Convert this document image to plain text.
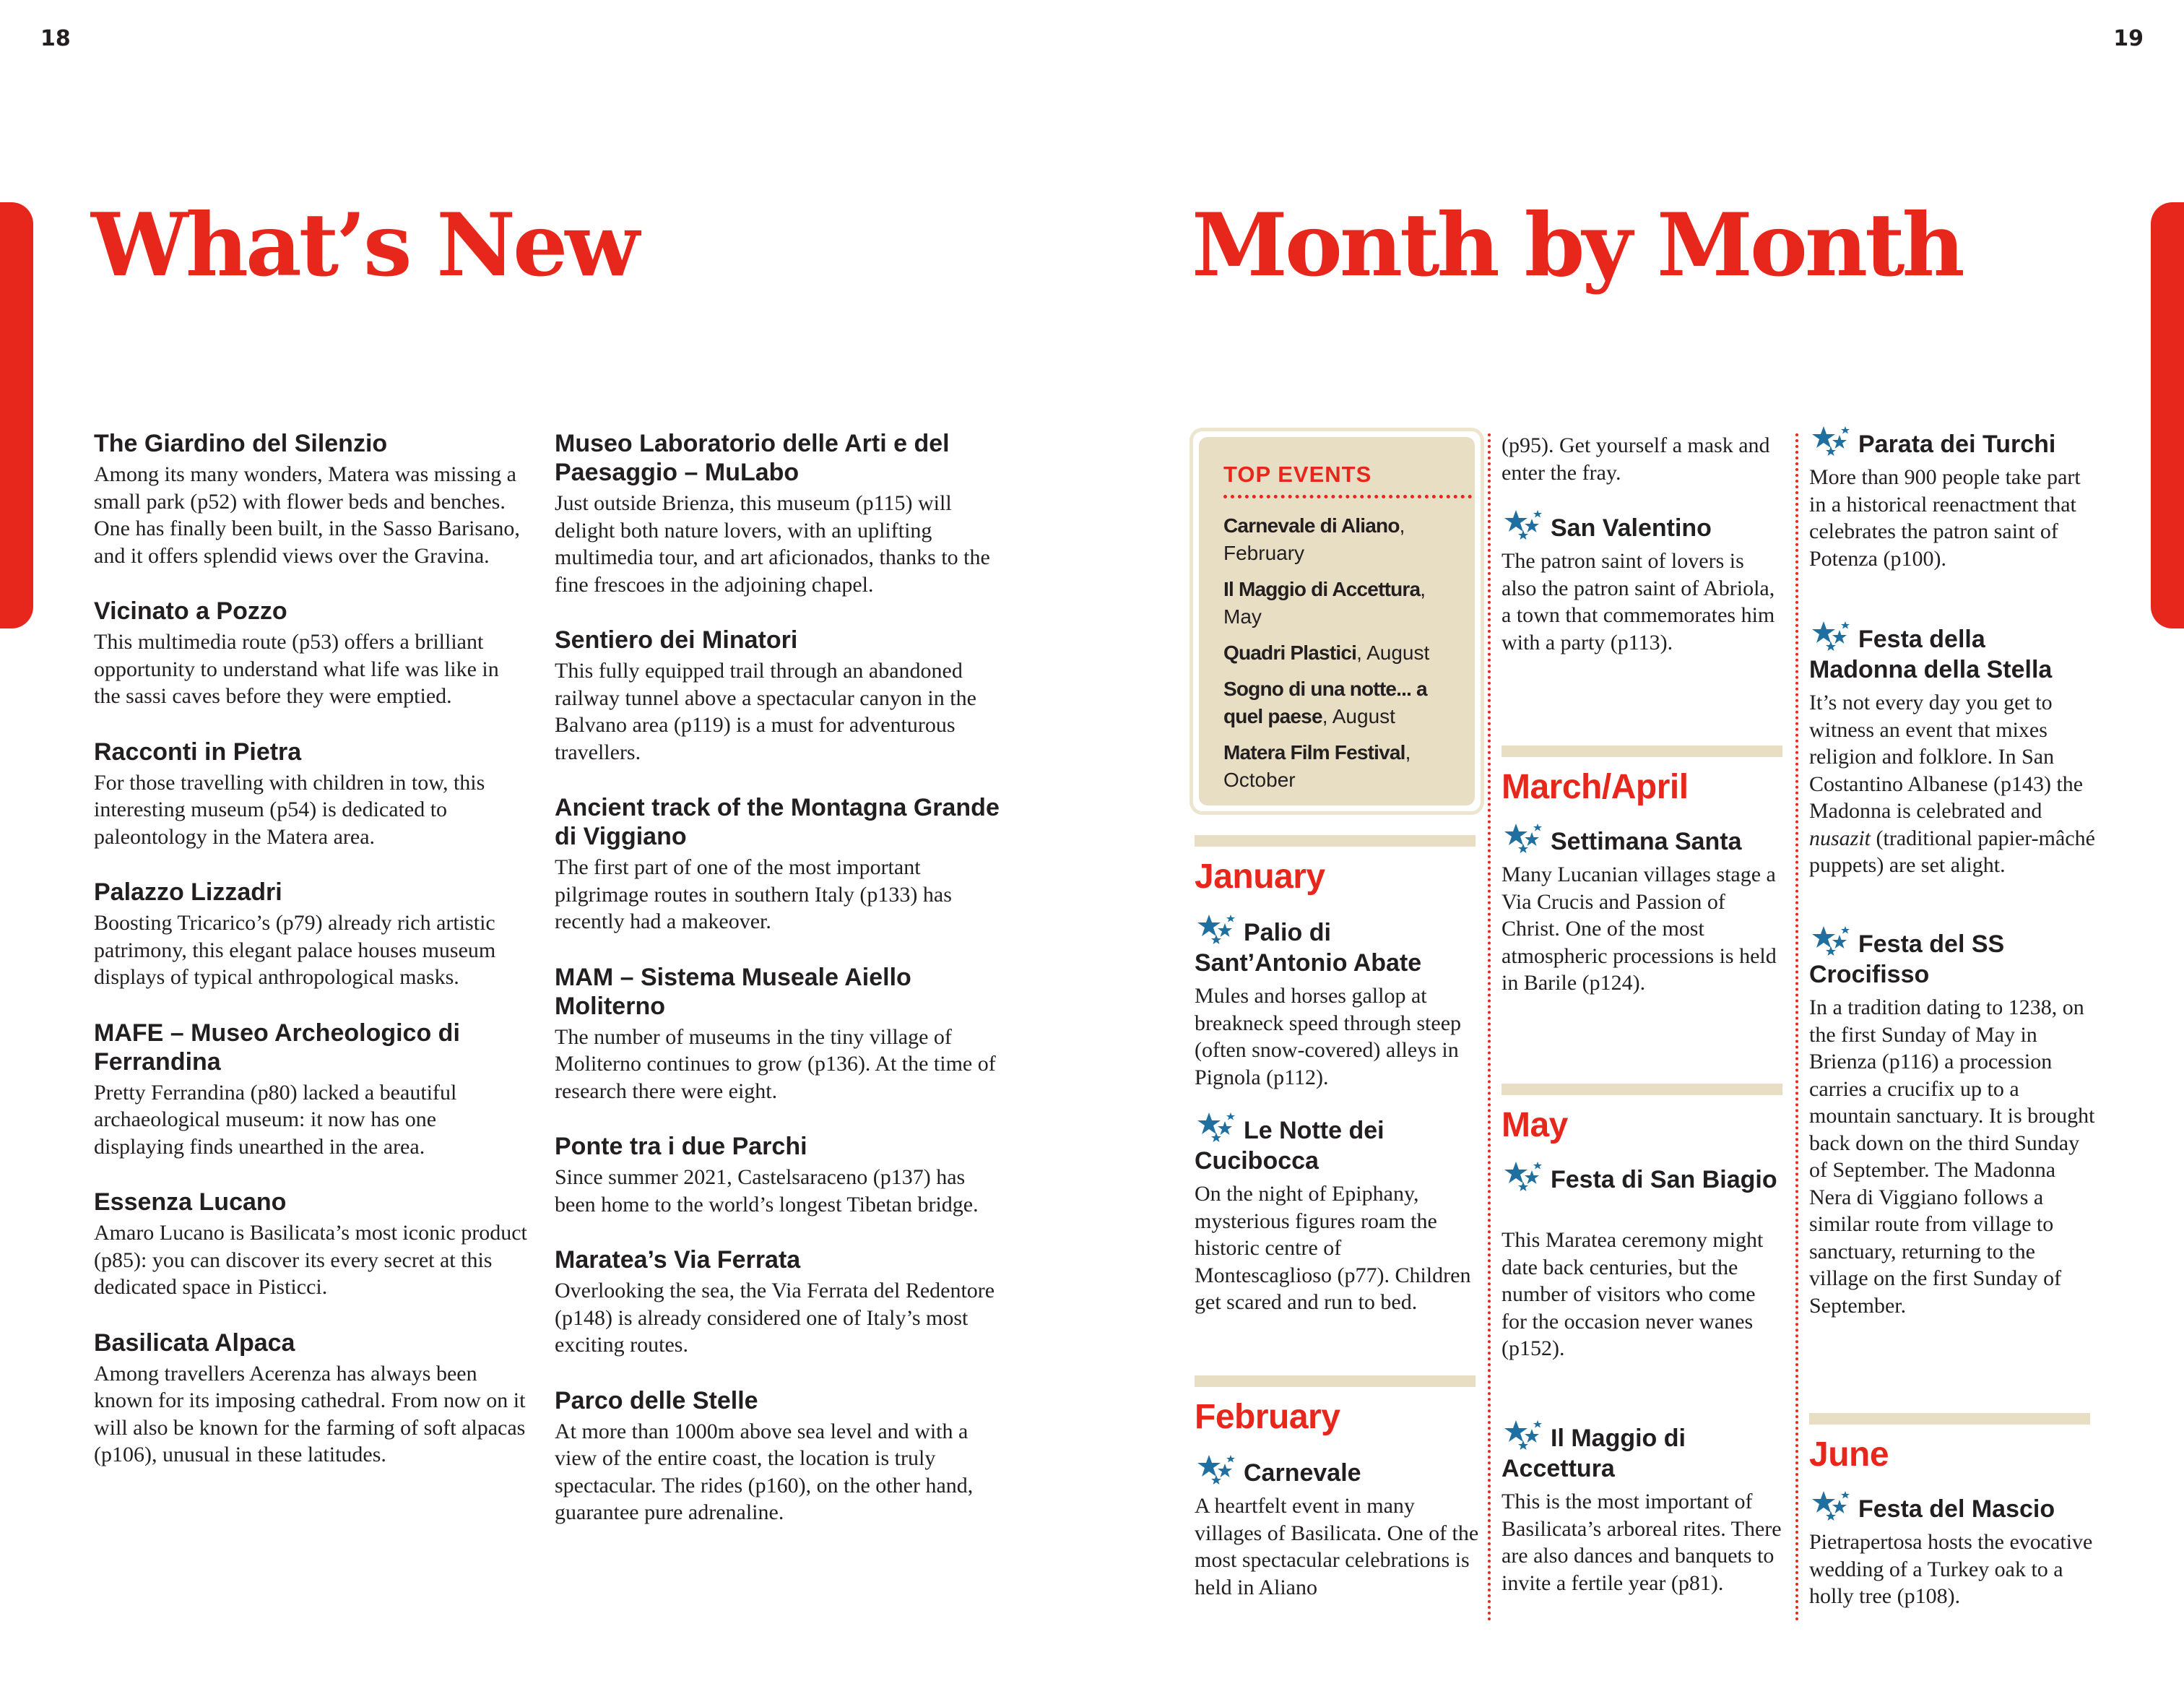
18	19
What’s New	Month by Month
The Giardino del Silenzio

Among its many wonders, Matera was missing a small park (p52) with flower beds and benches. One has finally been built, in the Sasso Barisano, and it offers splendid views over the Gravina.

Vicinato a Pozzo

This multimedia route (p53) offers a brilliant opportunity to understand what life was like in the sassi caves before they were emptied.

Racconti in Pietra

For those travelling with children in tow, this interesting museum (p54) is dedicated to paleontology in the Matera area.

Palazzo Lizzadri

Boosting Tricarico’s (p79) already rich artistic patrimony, this elegant palace houses museum displays of typical anthropological masks.

MAFE – Museo Archeologico di Ferrandina

Pretty Ferrandina (p80) lacked a beautiful archaeological museum: it now has one displaying finds unearthed in the area.

Essenza Lucano

Amaro Lucano is Basilicata’s most iconic product (p85): you can discover its every secret at this dedicated space in Pisticci.

Basilicata Alpaca

Among travellers Acerenza has always been known for its imposing cathedral. From now on it will also be known for the farming of soft alpacas (p106), unusual in these latitudes.

Museo Laboratorio delle Arti e del Paesaggio – MuLabo

Just outside Brienza, this museum (p115) will delight both nature lovers, with an uplifting multimedia tour, and art aficionados, thanks to the fine frescoes in the adjoining chapel.

Sentiero dei Minatori

This fully equipped trail through an abandoned railway tunnel above a spectacular canyon in the Balvano area (p119) is a must for adventurous travellers.

Ancient track of the Montagna Grande di Viggiano

The first part of one of the most important pilgrimage routes in southern Italy (p133) has recently had a makeover.

MAM – Sistema Museale Aiello Moliterno

The number of museums in the tiny village of Moliterno continues to grow (p136). At the time of research there were eight.

Ponte tra i due Parchi

Since summer 2021, Castelsaraceno (p137) has been home to the world’s longest Tibetan bridge.

Maratea’s Via Ferrata

Overlooking the sea, the Via Ferrata del Redentore (p148) is already considered one of Italy’s most exciting routes.

Parco delle Stelle

At more than 1000m above sea level and with a view of the entire coast, the location is truly spectacular. The rides (p160), on the other hand, guarantee pure adrenaline.

TOP EVENTS
Carnevale di Aliano, February
Il Maggio di Accettura, May
Quadri Plastici, August
Sogno di una notte... a quel paese, August
Matera Film Festival, October
January
Palio di Sant’Antonio Abate

Mules and horses gallop at breakneck speed through steep (often snow-covered) alleys in Pignola (p112).

Le Notte dei Cucibocca

On the night of Epiphany, mysterious figures roam the historic centre of Montescaglioso (p77). Children get scared and run to bed.

February
Carnevale

A heartfelt event in many villages of Basilicata. One of the most spectacular celebrations is held in Aliano

(p95). Get yourself a mask and enter the fray.

San Valentino

The patron saint of lovers is also the patron saint of Abriola, a town that commemorates him with a party (p113).

March/April
Settimana Santa

Many Lucanian villages stage a Via Crucis and Passion of Christ. One of the most atmospheric processions is held in Barile (p124).

May
Festa di San Biagio

This Maratea ceremony might date back centuries, but the number of visitors who come for the occasion never wanes (p152).

Il Maggio di Accettura

This is the most important of Basilicata’s arboreal rites. There are also dances and banquets to invite a fertile year (p81).

Parata dei Turchi

More than 900 people take part in a historical reenactment that celebrates the patron saint of Potenza (p100).

Festa della Madonna della Stella

It’s not every day you get to witness an event that mixes religion and folklore. In San Costantino Albanese (p143) the Madonna is celebrated and nusazit (traditional papier-mâché puppets) are set alight.

Festa del SS Crocifisso

In a tradition dating to 1238, on the first Sunday of May in Brienza (p116) a procession carries a crucifix up to a mountain sanctuary. It is brought back down on the third Sunday of September. The Madonna Nera di Viggiano follows a similar route from village to sanctuary, returning to the village on the first Sunday of September.

June
Festa del Mascio

Pietrapertosa hosts the evocative wedding of a Turkey oak to a holly tree (p108).
